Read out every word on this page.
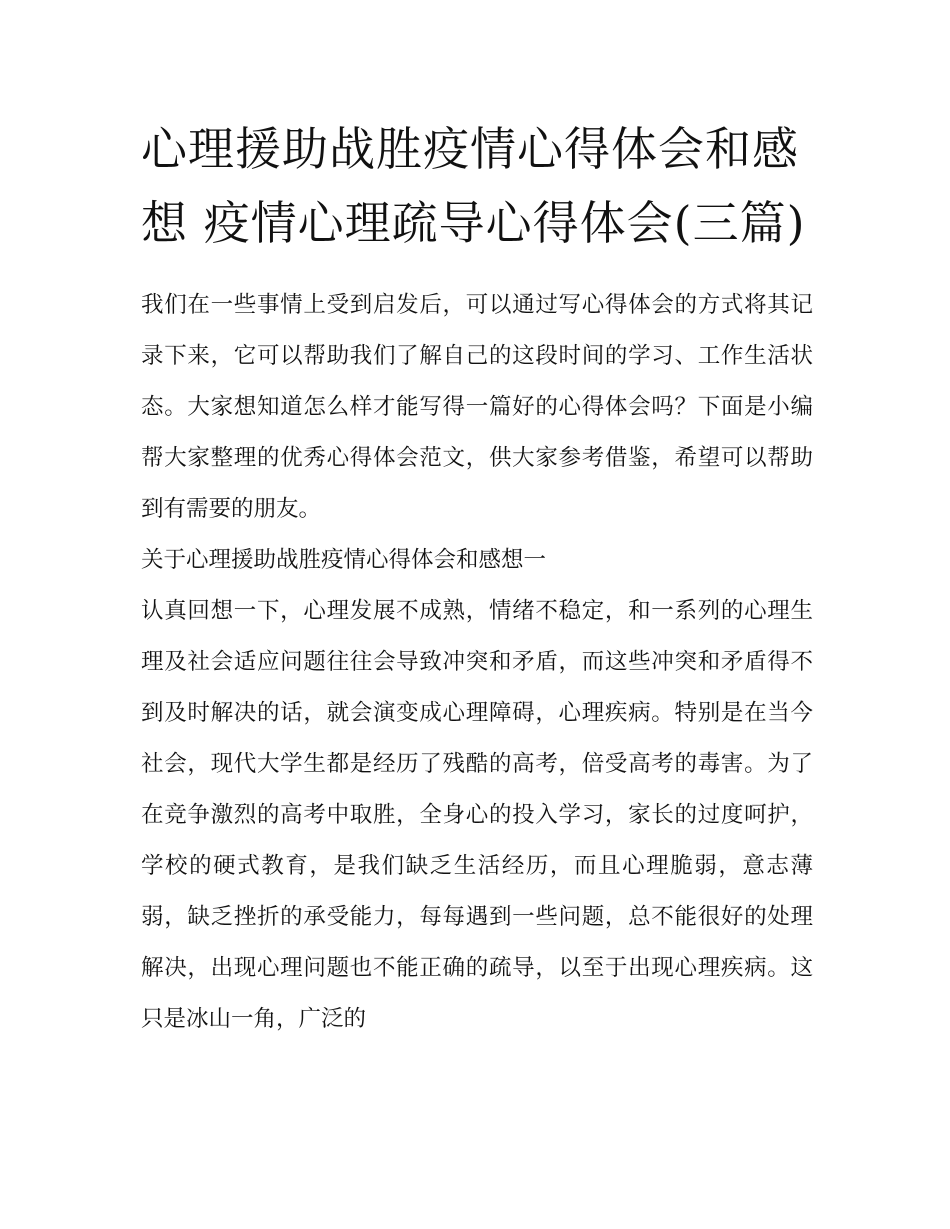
心理援助战胜疫情心得体会和感想 疫情心理疏导心得体会(三篇)

我们在一些事情上受到启发后，可以通过写心得体会的方式将其记录下来，它可以帮助我们了解自己的这段时间的学习、工作生活状态。大家想知道怎么样才能写得一篇好的心得体会吗？下面是小编帮大家整理的优秀心得体会范文，供大家参考借鉴，希望可以帮助到有需要的朋友。

关于心理援助战胜疫情心得体会和感想一

认真回想一下，心理发展不成熟，情绪不稳定，和一系列的心理生理及社会适应问题往往会导致冲突和矛盾，而这些冲突和矛盾得不到及时解决的话，就会演变成心理障碍，心理疾病。特别是在当今社会，现代大学生都是经历了残酷的高考，倍受高考的毒害。为了在竞争激烈的高考中取胜，全身心的投入学习，家长的过度呵护，学校的硬式教育，是我们缺乏生活经历，而且心理脆弱，意志薄弱，缺乏挫折的承受能力，每每遇到一些问题，总不能很好的处理解决，出现心理问题也不能正确的疏导，以至于出现心理疾病。这只是冰山一角，广泛的
